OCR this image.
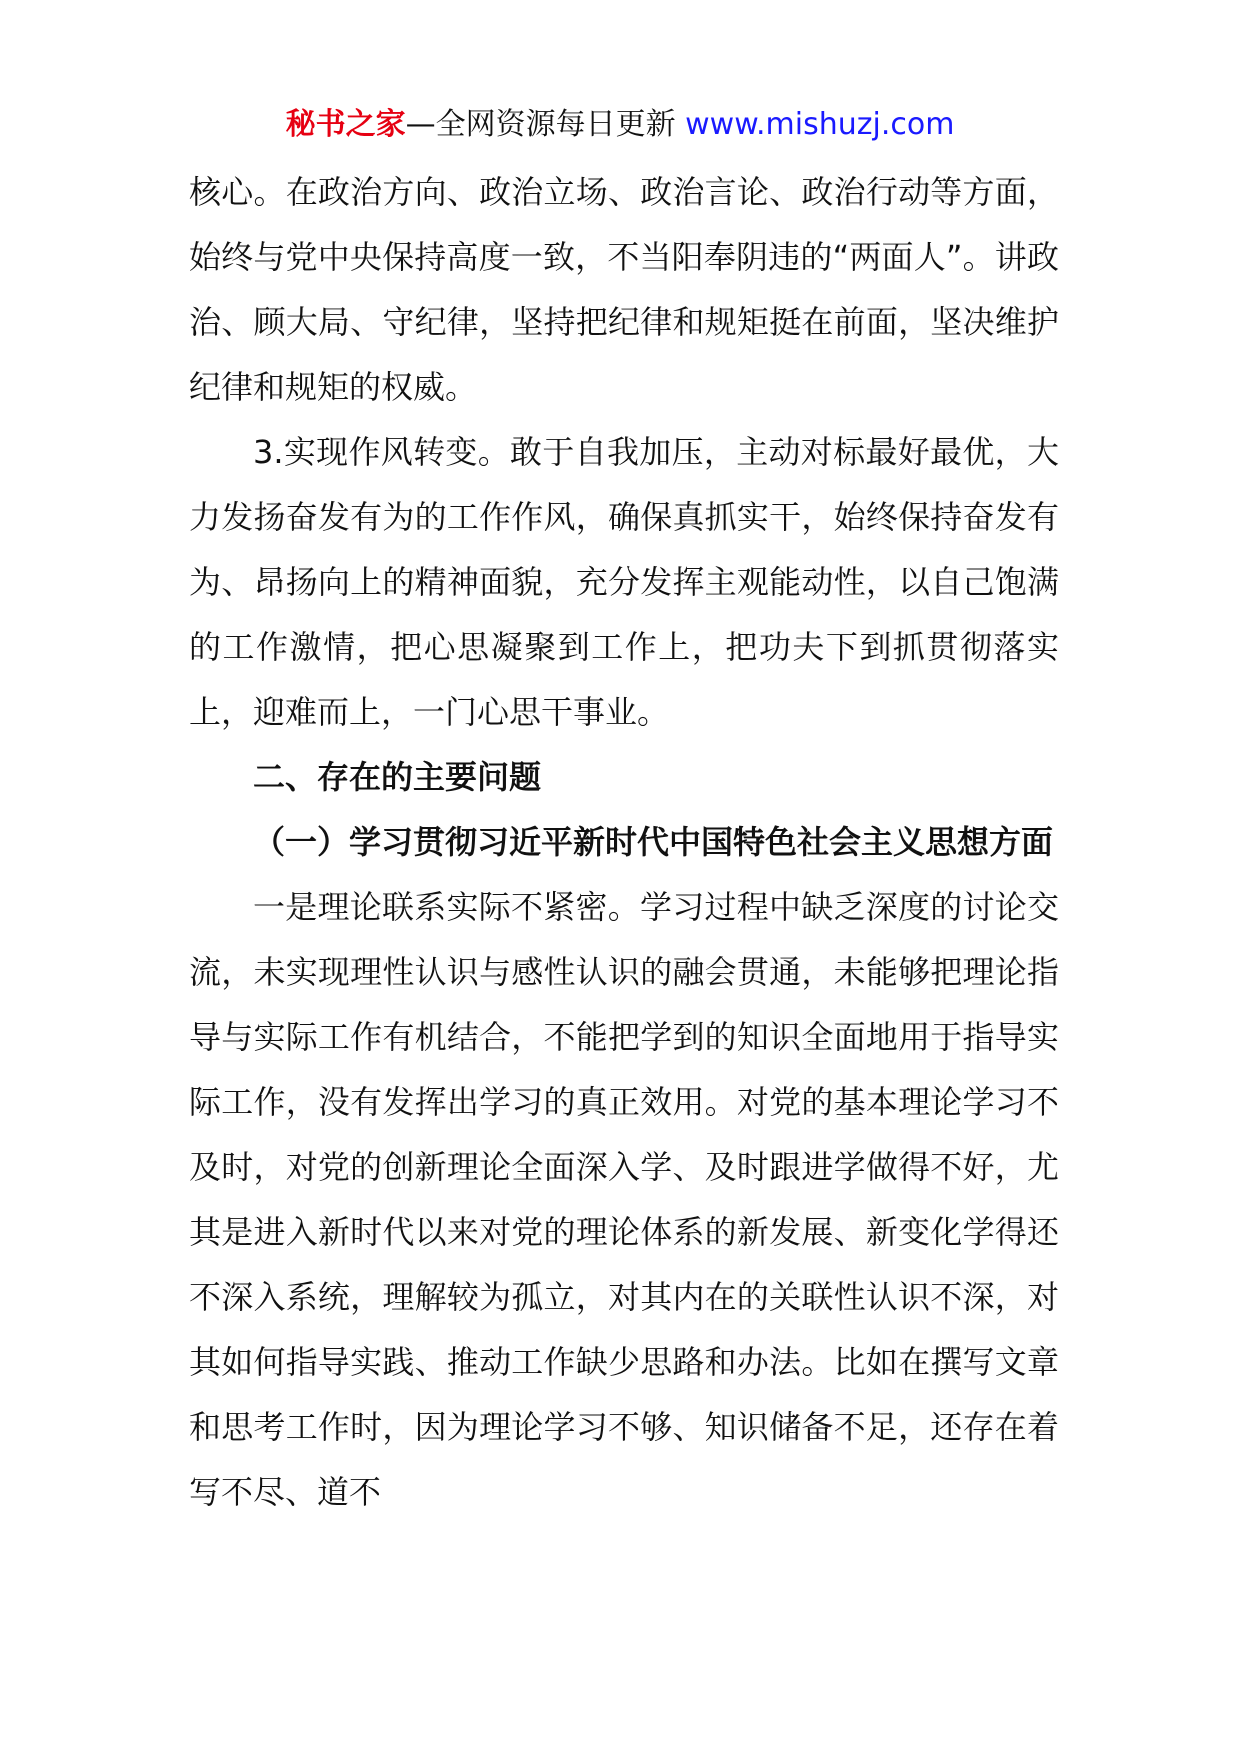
秘书之家—全网资源每日更新 www.mishuzj.com

核心。在政治方向、政治立场、政治言论、政治行动等方面，始终与党中央保持高度一致，不当阳奉阴违的“两面人”。讲政治、顾大局、守纪律，坚持把纪律和规矩挺在前面，坚决维护纪律和规矩的权威。

3.实现作风转变。敢于自我加压，主动对标最好最优，大力发扬奋发有为的工作作风，确保真抓实干，始终保持奋发有为、昂扬向上的精神面貌，充分发挥主观能动性，以自己饱满的工作激情，把心思凝聚到工作上，把功夫下到抓贯彻落实上，迎难而上，一门心思干事业。

二、存在的主要问题

（一）学习贯彻习近平新时代中国特色社会主义思想方面

一是理论联系实际不紧密。学习过程中缺乏深度的讨论交流，未实现理性认识与感性认识的融会贯通，未能够把理论指导与实际工作有机结合，不能把学到的知识全面地用于指导实际工作，没有发挥出学习的真正效用。对党的基本理论学习不及时，对党的创新理论全面深入学、及时跟进学做得不好，尤其是进入新时代以来对党的理论体系的新发展、新变化学得还不深入系统，理解较为孤立，对其内在的关联性认识不深，对其如何指导实践、推动工作缺少思路和办法。比如在撰写文章和思考工作时，因为理论学习不够、知识储备不足，还存在着写不尽、道不
